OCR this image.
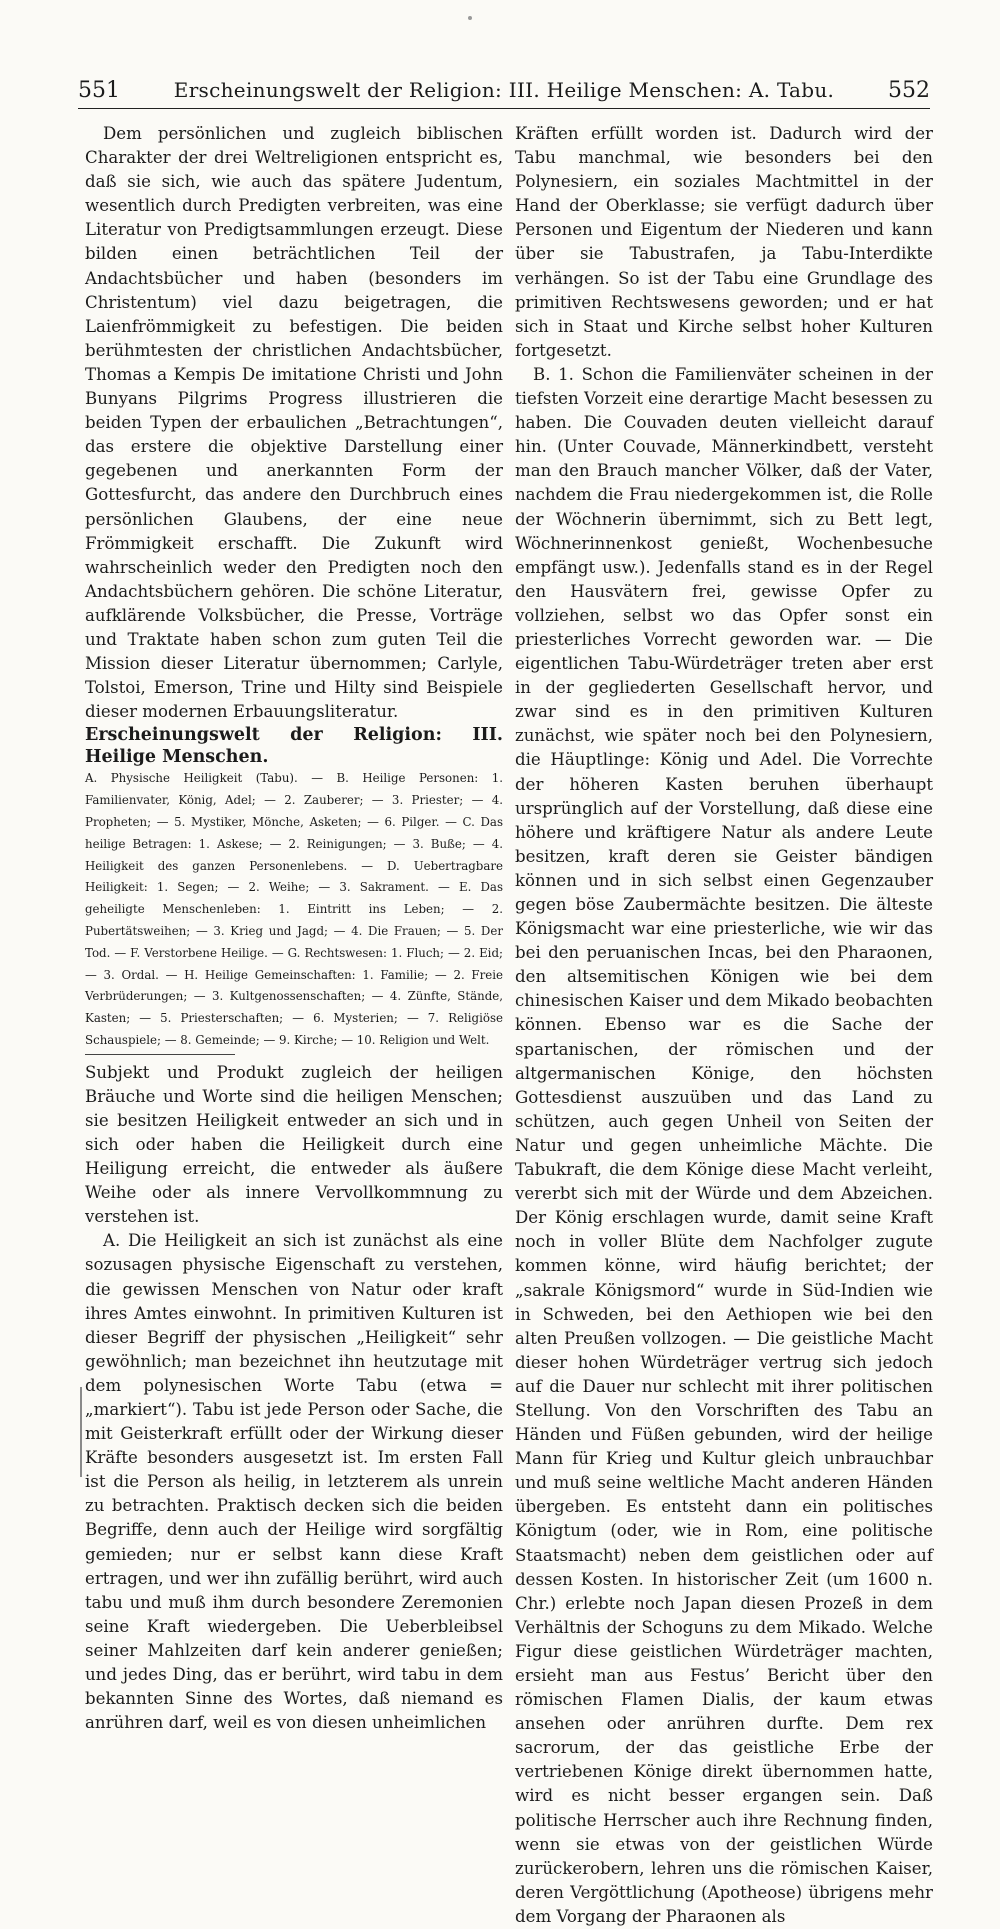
551	Erscheinungswelt der Religion: III. Heilige Menschen: A. Tabu.	552

Dem persönlichen und zugleich biblischen Charakter der drei Weltreligionen entspricht es, daß sie sich, wie auch das spätere Judentum, wesentlich durch Predigten verbreiten, was eine Literatur von Predigtsammlungen erzeugt. Diese bilden einen beträchtlichen Teil der Andachtsbücher und haben (besonders im Christentum) viel dazu beigetragen, die Laienfrömmigkeit zu befestigen. Die beiden berühmtesten der christlichen Andachtsbücher, Thomas a Kempis De imitatione Christi und John Bunyans Pilgrims Progress illustrieren die beiden Typen der erbaulichen „Betrachtungen“, das erstere die objektive Darstellung einer gegebenen und anerkannten Form der Gottesfurcht, das andere den Durchbruch eines persönlichen Glaubens, der eine neue Frömmigkeit erschafft. Die Zukunft wird wahrscheinlich weder den Predigten noch den Andachtsbüchern gehören. Die schöne Literatur, aufklärende Volksbücher, die Presse, Vorträge und Traktate haben schon zum guten Teil die Mission dieser Literatur übernommen; Carlyle, Tolstoi, Emerson, Trine und Hilty sind Beispiele dieser modernen Erbauungsliteratur.

Erscheinungswelt der Religion: III. Heilige Menschen.

A. Physische Heiligkeit (Tabu). — B. Heilige Personen: 1. Familienvater, König, Adel; — 2. Zauberer; — 3. Priester; — 4. Propheten; — 5. Mystiker, Mönche, Asketen; — 6. Pilger. — C. Das heilige Betragen: 1. Askese; — 2. Reinigungen; — 3. Buße; — 4. Heiligkeit des ganzen Personenlebens. — D. Uebertragbare Heiligkeit: 1. Segen; — 2. Weihe; — 3. Sakrament. — E. Das geheiligte Menschenleben: 1. Eintritt ins Leben; — 2. Pubertätsweihen; — 3. Krieg und Jagd; — 4. Die Frauen; — 5. Der Tod. — F. Verstorbene Heilige. — G. Rechtswesen: 1. Fluch; — 2. Eid; — 3. Ordal. — H. Heilige Gemeinschaften: 1. Familie; — 2. Freie Verbrüderungen; — 3. Kultgenossenschaften; — 4. Zünfte, Stände, Kasten; — 5. Priesterschaften; — 6. Mysterien; — 7. Religiöse Schauspiele; — 8. Gemeinde; — 9. Kirche; — 10. Religion und Welt.

Subjekt und Produkt zugleich der heiligen Bräuche und Worte sind die heiligen Menschen; sie besitzen Heiligkeit entweder an sich und in sich oder haben die Heiligkeit durch eine Heiligung erreicht, die entweder als äußere Weihe oder als innere Vervollkommnung zu verstehen ist.

A. Die Heiligkeit an sich ist zunächst als eine sozusagen physische Eigenschaft zu verstehen, die gewissen Menschen von Natur oder kraft ihres Amtes einwohnt. In primitiven Kulturen ist dieser Begriff der physischen „Heiligkeit“ sehr gewöhnlich; man bezeichnet ihn heutzutage mit dem polynesischen Worte Tabu (etwa = „markiert“). Tabu ist jede Person oder Sache, die mit Geisterkraft erfüllt oder der Wirkung dieser Kräfte besonders ausgesetzt ist. Im ersten Fall ist die Person als heilig, in letzterem als unrein zu betrachten. Praktisch decken sich die beiden Begriffe, denn auch der Heilige wird sorgfältig gemieden; nur er selbst kann diese Kraft ertragen, und wer ihn zufällig berührt, wird auch tabu und muß ihm durch besondere Zeremonien seine Kraft wiedergeben. Die Ueberbleibsel seiner Mahlzeiten darf kein anderer genießen; und jedes Ding, das er berührt, wird tabu in dem bekannten Sinne des Wortes, daß niemand es anrühren darf, weil es von diesen unheimlichen

Kräften erfüllt worden ist. Dadurch wird der Tabu manchmal, wie besonders bei den Polynesiern, ein soziales Machtmittel in der Hand der Oberklasse; sie verfügt dadurch über Personen und Eigentum der Niederen und kann über sie Tabustrafen, ja Tabu-Interdikte verhängen. So ist der Tabu eine Grundlage des primitiven Rechtswesens geworden; und er hat sich in Staat und Kirche selbst hoher Kulturen fortgesetzt.

B. 1. Schon die Familienväter scheinen in der tiefsten Vorzeit eine derartige Macht besessen zu haben. Die Couvaden deuten vielleicht darauf hin. (Unter Couvade, Männerkindbett, versteht man den Brauch mancher Völker, daß der Vater, nachdem die Frau niedergekommen ist, die Rolle der Wöchnerin übernimmt, sich zu Bett legt, Wöchnerinnenkost genießt, Wochenbesuche empfängt usw.). Jedenfalls stand es in der Regel den Hausvätern frei, gewisse Opfer zu vollziehen, selbst wo das Opfer sonst ein priesterliches Vorrecht geworden war. — Die eigentlichen Tabu-Würdeträger treten aber erst in der gegliederten Gesellschaft hervor, und zwar sind es in den primitiven Kulturen zunächst, wie später noch bei den Polynesiern, die Häuptlinge: König und Adel. Die Vorrechte der höheren Kasten beruhen überhaupt ursprünglich auf der Vorstellung, daß diese eine höhere und kräftigere Natur als andere Leute besitzen, kraft deren sie Geister bändigen können und in sich selbst einen Gegenzauber gegen böse Zaubermächte besitzen. Die älteste Königsmacht war eine priesterliche, wie wir das bei den peruanischen Incas, bei den Pharaonen, den altsemitischen Königen wie bei dem chinesischen Kaiser und dem Mikado beobachten können. Ebenso war es die Sache der spartanischen, der römischen und der altgermanischen Könige, den höchsten Gottesdienst auszuüben und das Land zu schützen, auch gegen Unheil von Seiten der Natur und gegen unheimliche Mächte. Die Tabukraft, die dem Könige diese Macht verleiht, vererbt sich mit der Würde und dem Abzeichen. Der König erschlagen wurde, damit seine Kraft noch in voller Blüte dem Nachfolger zugute kommen könne, wird häufig berichtet; der „sakrale Königsmord“ wurde in Süd-Indien wie in Schweden, bei den Aethiopen wie bei den alten Preußen vollzogen. — Die geistliche Macht dieser hohen Würdeträger vertrug sich jedoch auf die Dauer nur schlecht mit ihrer politischen Stellung. Von den Vorschriften des Tabu an Händen und Füßen gebunden, wird der heilige Mann für Krieg und Kultur gleich unbrauchbar und muß seine weltliche Macht anderen Händen übergeben. Es entsteht dann ein politisches Königtum (oder, wie in Rom, eine politische Staatsmacht) neben dem geistlichen oder auf dessen Kosten. In historischer Zeit (um 1600 n. Chr.) erlebte noch Japan diesen Prozeß in dem Verhältnis der Schoguns zu dem Mikado. Welche Figur diese geistlichen Würdeträger machten, ersieht man aus Festus’ Bericht über den römischen Flamen Dialis, der kaum etwas ansehen oder anrühren durfte. Dem rex sacrorum, der das geistliche Erbe der vertriebenen Könige direkt übernommen hatte, wird es nicht besser ergangen sein. Daß politische Herrscher auch ihre Rechnung finden, wenn sie etwas von der geistlichen Würde zurückerobern, lehren uns die römischen Kaiser, deren Vergöttlichung (Apotheose) übrigens mehr dem Vorgang der Pharaonen als
